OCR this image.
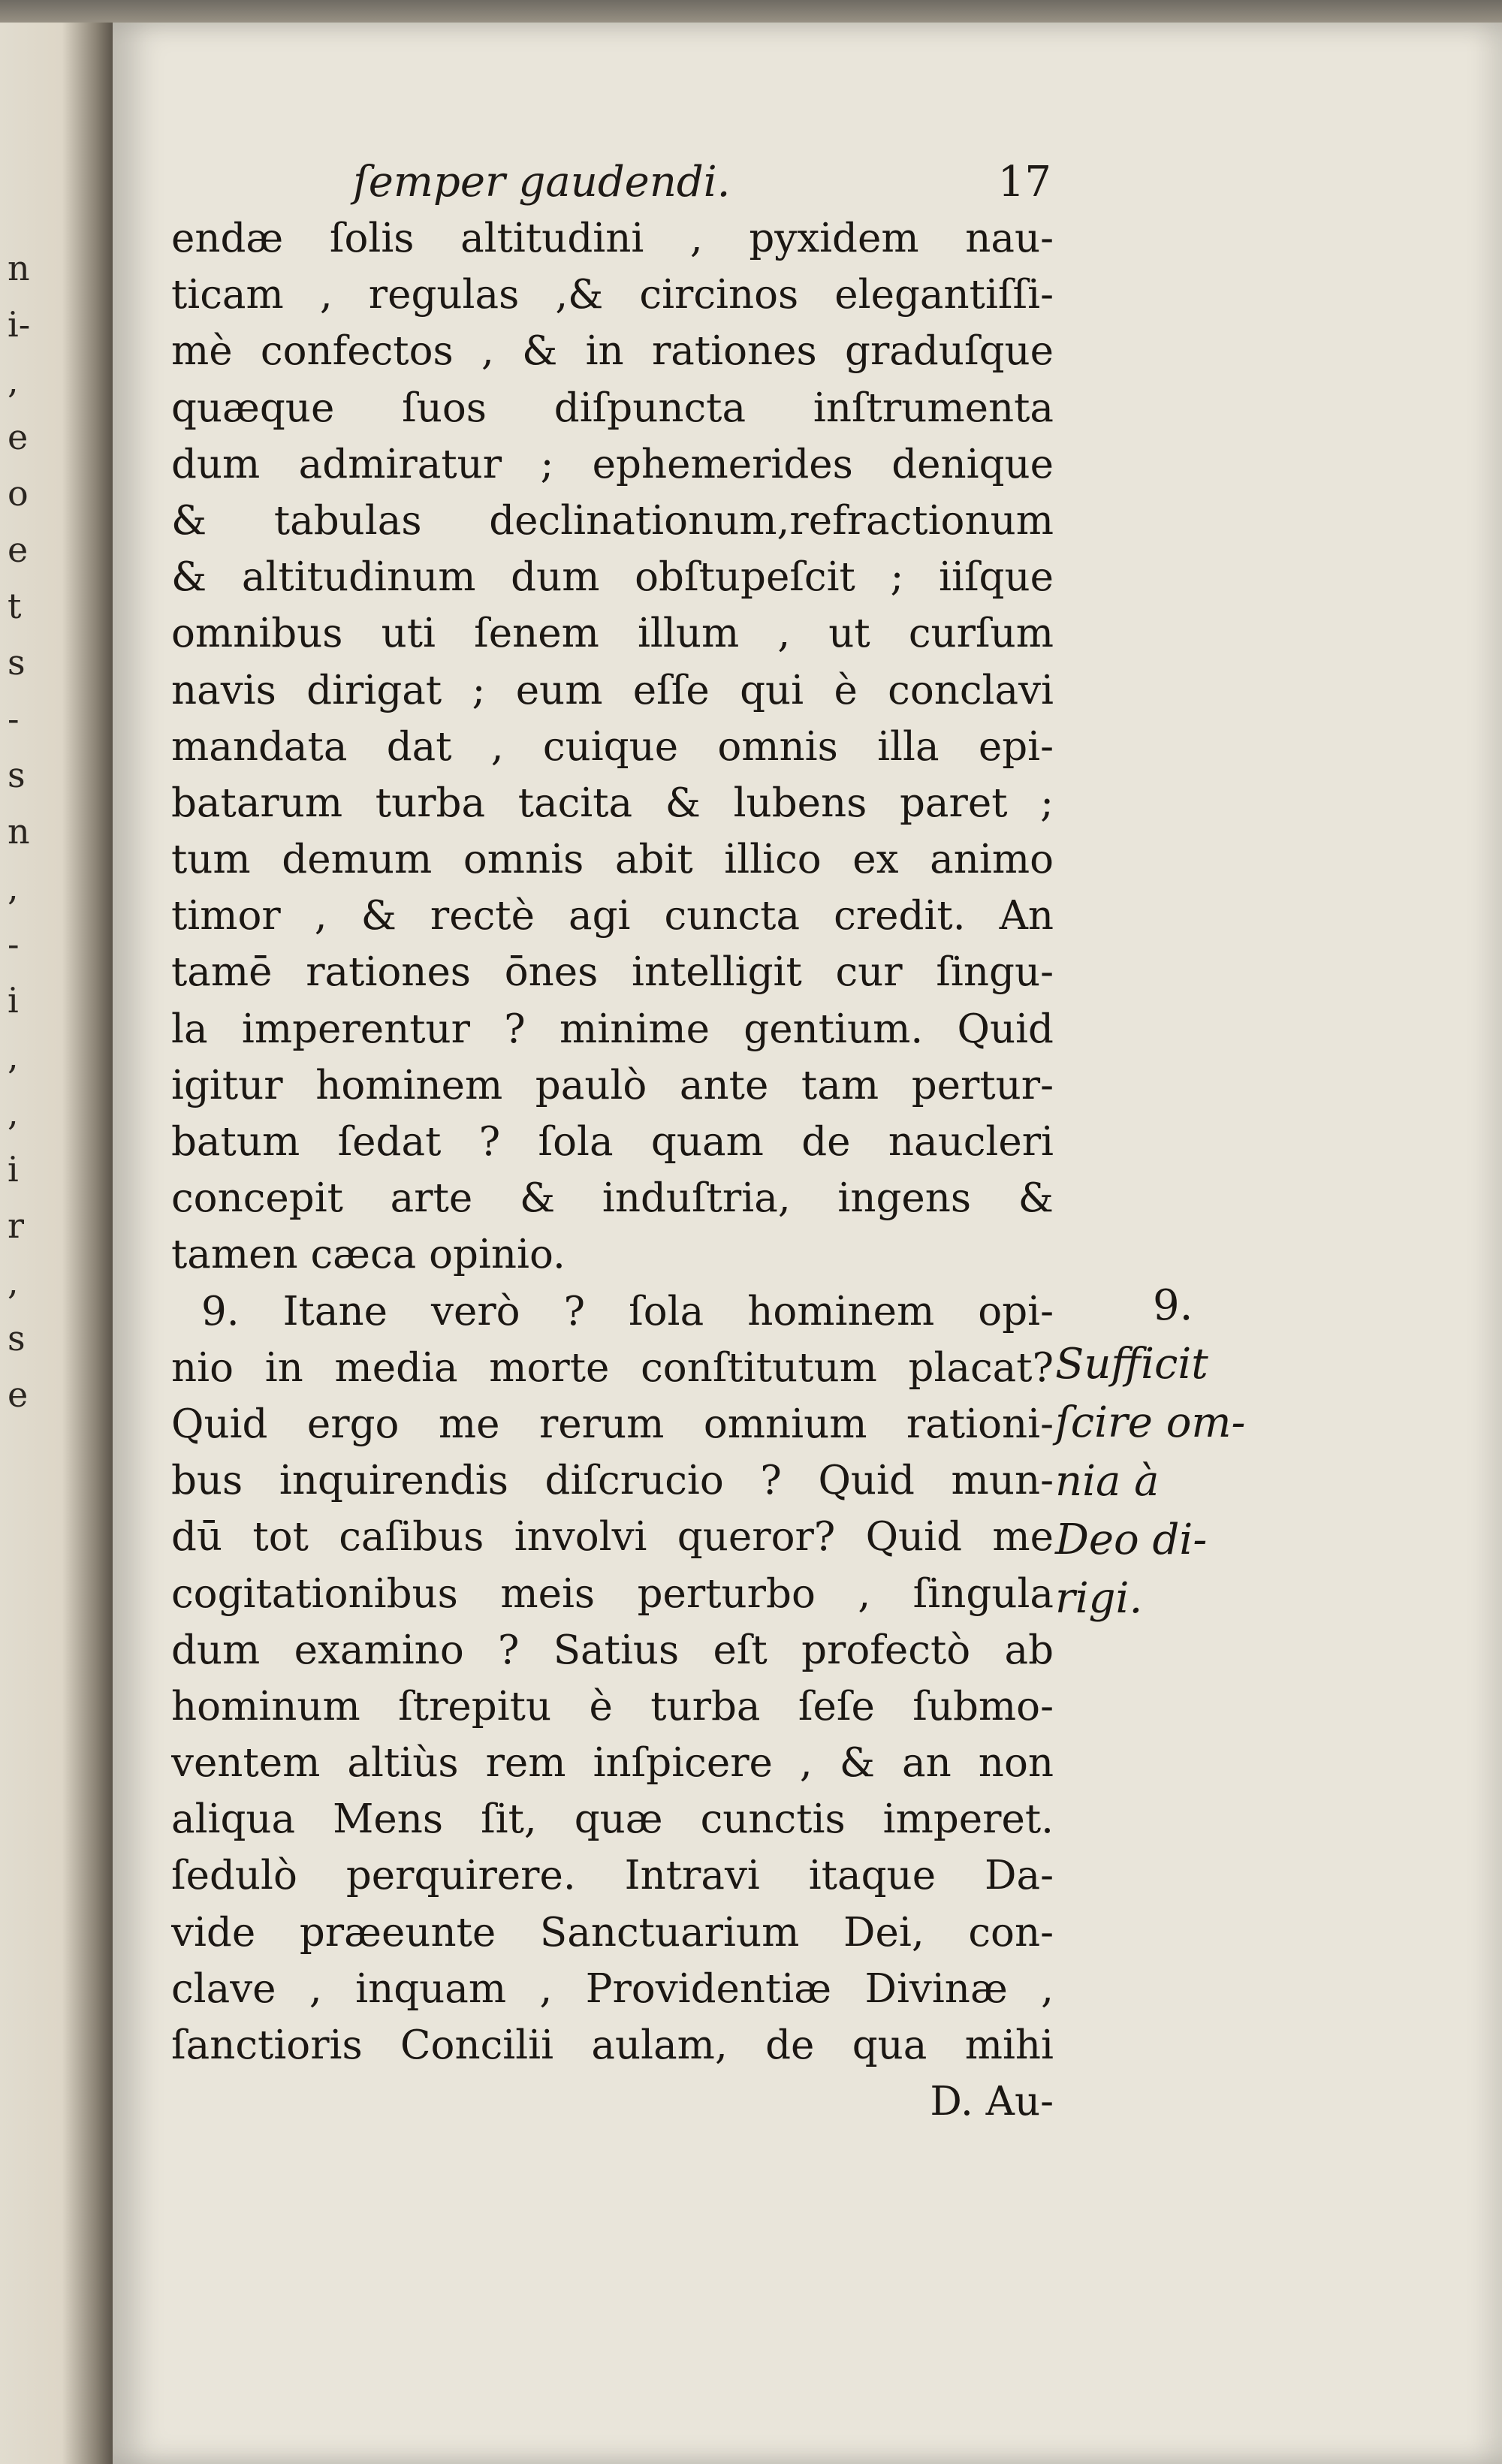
n
i-
,
e
o
e
t
s
-
s
n
,
-
i
,
,
i
r
,
s
e
ſemper gaudendi.	17
endæ ſolis altitudini , pyxidem nau-
ticam , regulas ,& circinos elegantiſſi-
mè confectos , & in rationes graduſque
quæque ſuos diſpuncta inſtrumenta
dum admiratur ; ephemerides denique
& tabulas declinationum,refractionum
& altitudinum dum obſtupeſcit ; iiſque
omnibus uti ſenem illum , ut curſum
navis dirigat ; eum eſſe qui è conclavi
mandata dat , cuique omnis illa epi-
batarum turba tacita & lubens paret ;
tum demum omnis abit illico ex animo
timor , & rectè agi cuncta credit. An
tamē rationes ōnes intelligit cur ſingu-
la imperentur ? minime gentium. Quid
igitur hominem paulò ante tam pertur-
batum ſedat ? ſola quam de naucleri
concepit arte & induſtria, ingens &
tamen cæca opinio.
9. Itane verò ? ſola hominem opi-
nio in media morte conſtitutum placat?
Quid ergo me rerum omnium rationi-
bus inquirendis diſcrucio ? Quid mun-
dū tot caſibus involvi queror? Quid me
cogitationibus meis perturbo , ſingula
dum examino ? Satius eſt profectò ab
hominum ſtrepitu è turba ſeſe ſubmo-
ventem altiùs rem inſpicere , & an non
aliqua Mens ſit, quæ cunctis imperet.
ſedulò perquirere. Intravi itaque Da-
vide præeunte Sanctuarium Dei, con-
clave , inquam , Providentiæ Divinæ ,
ſanctioris Concilii aulam, de qua mihi
D. Au-
9.
Sufficit
ſcire om-
nia à
Deo di-
rigi.
